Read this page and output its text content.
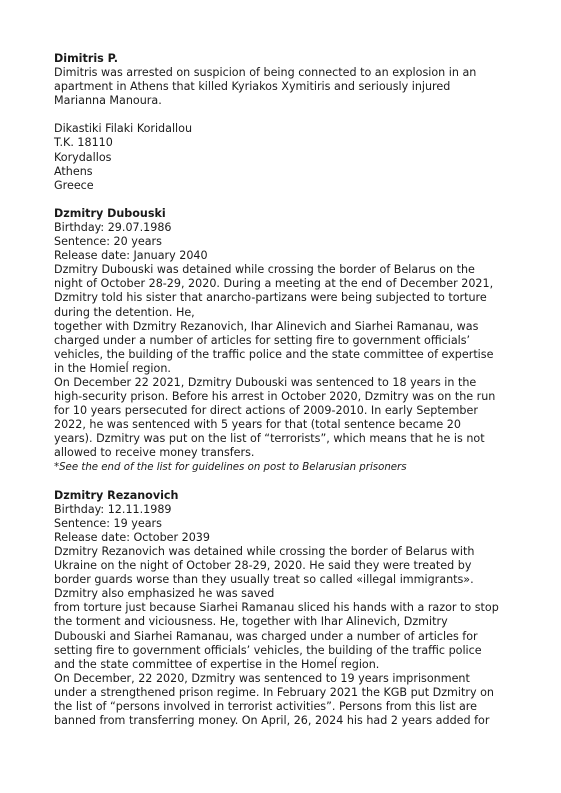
Dimitris P.
Dimitris was arrested on suspicion of being connected to an explosion in an
apartment in Athens that killed Kyriakos Xymitiris and seriously injured
Marianna Manoura.
Dikastiki Filaki Koridallou
T.K. 18110
Korydallos
Athens
Greece
Dzmitry Dubouski
Birthday: 29.07.1986
Sentence: 20 years
Release date: January 2040
Dzmitry Dubouski was detained while crossing the border of Belarus on the
night of October 28-29, 2020. During a meeting at the end of December 2021,
Dzmitry told his sister that anarcho-partizans were being subjected to torture
during the detention. He,
together with Dzmitry Rezanovich, Ihar Alinevich and Siarhei Ramanau, was
charged under a number of articles for setting fire to government officials’
vehicles, the building of the traffic police and the state committee of expertise
in the Homieĺ region.
On December 22 2021, Dzmitry Dubouski was sentenced to 18 years in the
high-security prison. Before his arrest in October 2020, Dzmitry was on the run
for 10 years persecuted for direct actions of 2009-2010. In early September
2022, he was sentenced with 5 years for that (total sentence became 20
years). Dzmitry was put on the list of “terrorists”, which means that he is not
allowed to receive money transfers.
*See the end of the list for guidelines on post to Belarusian prisoners
Dzmitry Rezanovich
Birthday: 12.11.1989
Sentence: 19 years
Release date: October 2039
Dzmitry Rezanovich was detained while crossing the border of Belarus with
Ukraine on the night of October 28-29, 2020. He said they were treated by
border guards worse than they usually treat so called «illegal immigrants».
Dzmitry also emphasized he was saved
from torture just because Siarhei Ramanau sliced his hands with a razor to stop
the torment and viciousness. He, together with Ihar Alinevich, Dzmitry
Dubouski and Siarhei Ramanau, was charged under a number of articles for
setting fire to government officials’ vehicles, the building of the traffic police
and the state committee of expertise in the Homeĺ region.
On December, 22 2020, Dzmitry was sentenced to 19 years imprisonment
under a strengthened prison regime. In February 2021 the KGB put Dzmitry on
the list of “persons involved in terrorist activities”. Persons from this list are
banned from transferring money. On April, 26, 2024 his had 2 years added for
